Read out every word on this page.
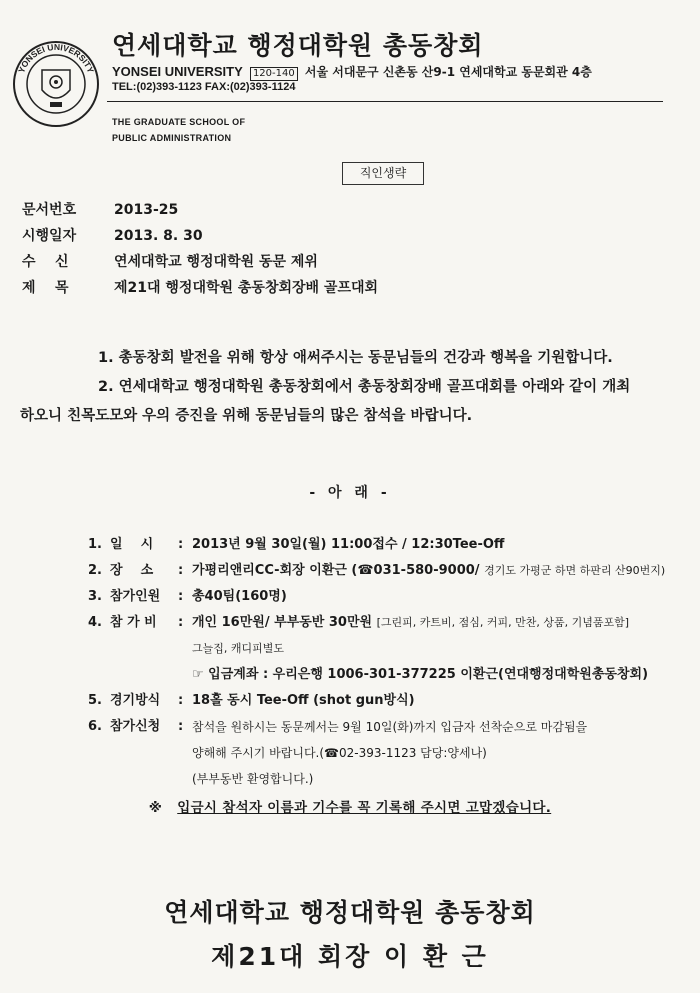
YONSEI UNIVERSITY
연세대학교 행정대학원 총동창회
YONSEI UNIVERSITY 120-140 서울 서대문구 신촌동 산9-1 연세대학교 동문회관 4층
TEL:(02)393-1123 FAX:(02)393-1124
THE GRADUATE SCHOOL OF
PUBLIC ADMINISTRATION
직인생략
문서번호	2013-25
시행일자	2013. 8. 30
수    신	연세대학교 행정대학원 동문 제위
제    목	제21대 행정대학원 총동창회장배 골프대회
1. 총동창회 발전을 위해 항상 애써주시는 동문님들의 건강과 행복을 기원합니다.
2. 연세대학교 행정대학원 총동창회에서 총동창회장배 골프대회를 아래와 같이 개최
하오니 친목도모와 우의 증진을 위해 동문님들의 많은 참석을 바랍니다.
- 아 래 -
1. 일    시	: 2013년 9월 30일(월) 11:00접수 / 12:30Tee-Off
2. 장    소	: 가평리앤리CC-회장 이환근 (☎031-580-9000/
경기도 가평군 하면 하판리 산90번지)
3. 참가인원	: 총40팀(160명)
4. 참 가 비	: 개인 16만원/ 부부동반 30만원
[그린피, 카트비, 점심, 커피, 만찬, 상품, 기념품포함]
그늘집, 캐디피별도
☞ 입금계좌 : 우리은행 1006-301-377225 이환근(연대행정대학원총동창회)
5. 경기방식	: 18홀 동시 Tee-Off (shot gun방식)
6. 참가신청	: 참석을 원하시는 동문께서는 9월 10일(화)까지 입금자 선착순으로 마감됨을
양해해 주시기 바랍니다.(☎02-393-1123 담당:양세나)
(부부동반 환영합니다.)
※ 입금시 참석자 이름과 기수를 꼭 기록해 주시면 고맙겠습니다.
연세대학교 행정대학원 총동창회
제21대 회장 이 환 근
